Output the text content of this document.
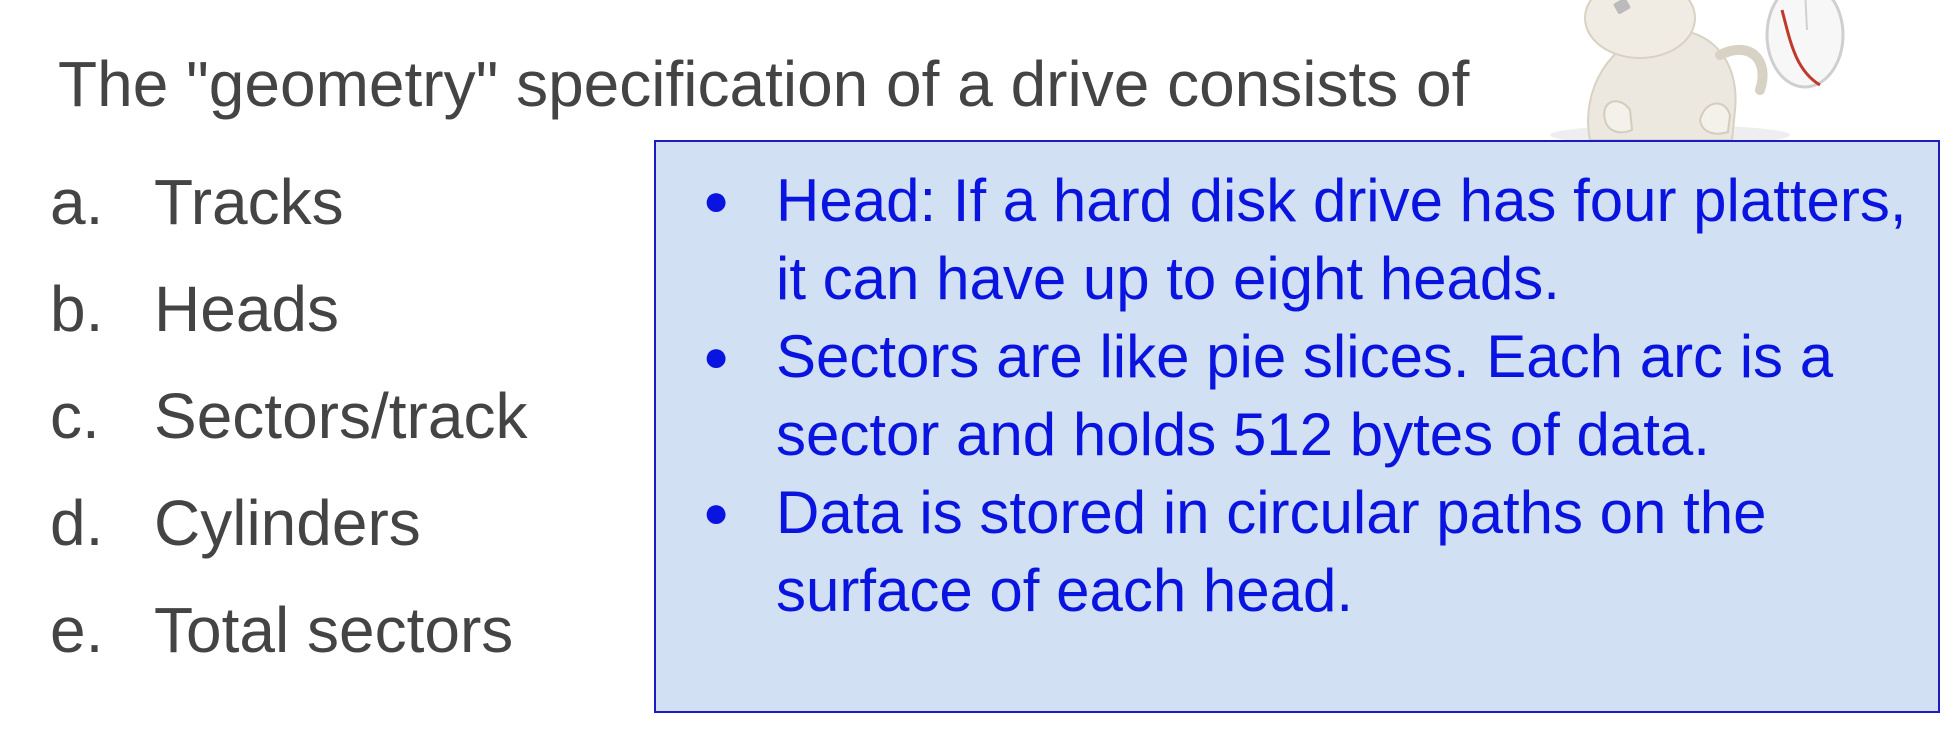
The "geometry" specification of a drive consists of
a. Tracks
b. Heads
c. Sectors/track
d. Cylinders
e. Total sectors
● Head: If a hard disk drive has four platters, it can have up to eight heads.
● Sectors are like pie slices. Each arc is a sector and holds 512 bytes of data.
● Data is stored in circular paths on the surface of each head.
